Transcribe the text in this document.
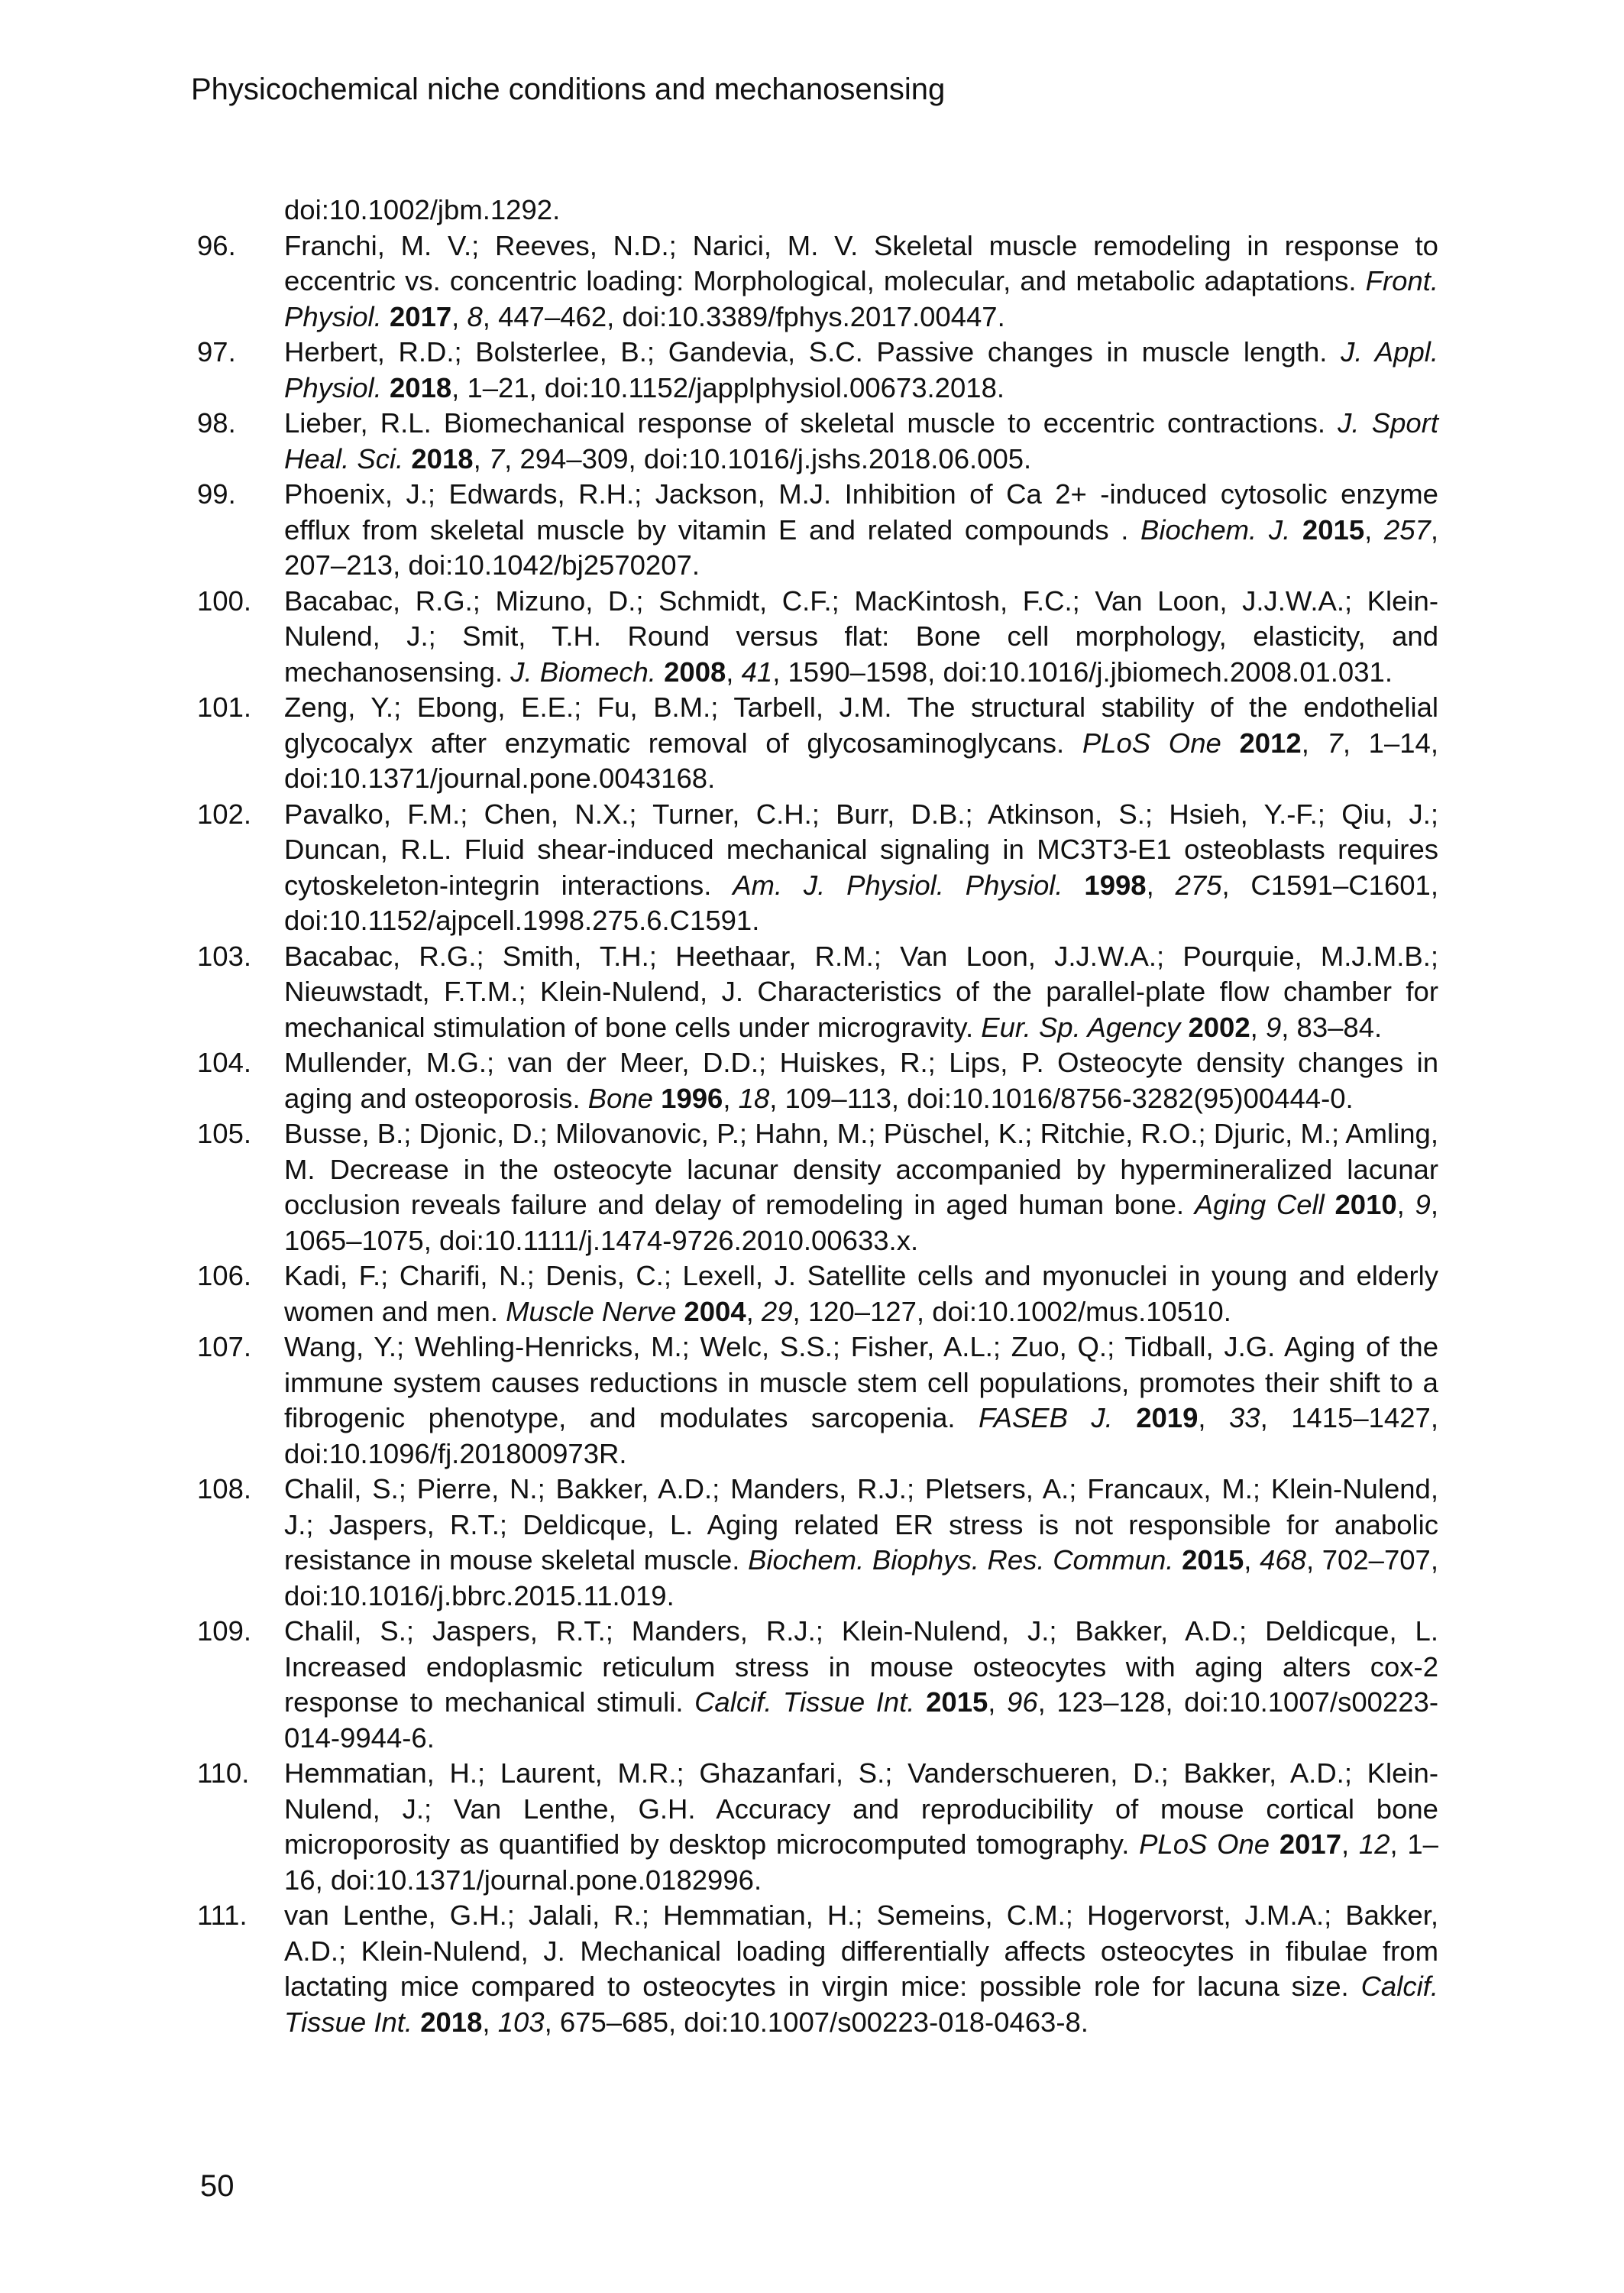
Physicochemical niche conditions and mechanosensing
doi:10.1002/jbm.1292.
96.	Franchi, M. V.; Reeves, N.D.; Narici, M. V. Skeletal muscle remodeling in response to eccentric vs. concentric loading: Morphological, molecular, and metabolic adaptations. Front. Physiol. 2017, 8, 447–462, doi:10.3389/fphys.2017.00447.
97.	Herbert, R.D.; Bolsterlee, B.; Gandevia, S.C. Passive changes in muscle length. J. Appl. Physiol. 2018, 1–21, doi:10.1152/japplphysiol.00673.2018.
98.	Lieber, R.L. Biomechanical response of skeletal muscle to eccentric contractions. J. Sport Heal. Sci. 2018, 7, 294–309, doi:10.1016/j.jshs.2018.06.005.
99.	Phoenix, J.; Edwards, R.H.; Jackson, M.J. Inhibition of Ca 2+ -induced cytosolic enzyme efflux from skeletal muscle by vitamin E and related compounds . Biochem. J. 2015, 257, 207–213, doi:10.1042/bj2570207.
100.	Bacabac, R.G.; Mizuno, D.; Schmidt, C.F.; MacKintosh, F.C.; Van Loon, J.J.W.A.; Klein-Nulend, J.; Smit, T.H. Round versus flat: Bone cell morphology, elasticity, and mechanosensing. J. Biomech. 2008, 41, 1590–1598, doi:10.1016/j.jbiomech.2008.01.031.
101.	Zeng, Y.; Ebong, E.E.; Fu, B.M.; Tarbell, J.M. The structural stability of the endothelial glycocalyx after enzymatic removal of glycosaminoglycans. PLoS One 2012, 7, 1–14, doi:10.1371/journal.pone.0043168.
102.	Pavalko, F.M.; Chen, N.X.; Turner, C.H.; Burr, D.B.; Atkinson, S.; Hsieh, Y.-F.; Qiu, J.; Duncan, R.L. Fluid shear-induced mechanical signaling in MC3T3-E1 osteoblasts requires cytoskeleton-integrin interactions. Am. J. Physiol. Physiol. 1998, 275, C1591–C1601, doi:10.1152/ajpcell.1998.275.6.C1591.
103.	Bacabac, R.G.; Smith, T.H.; Heethaar, R.M.; Van Loon, J.J.W.A.; Pourquie, M.J.M.B.; Nieuwstadt, F.T.M.; Klein-Nulend, J. Characteristics of the parallel-plate flow chamber for mechanical stimulation of bone cells under microgravity. Eur. Sp. Agency 2002, 9, 83–84.
104.	Mullender, M.G.; van der Meer, D.D.; Huiskes, R.; Lips, P. Osteocyte density changes in aging and osteoporosis. Bone 1996, 18, 109–113, doi:10.1016/8756-3282(95)00444-0.
105.	Busse, B.; Djonic, D.; Milovanovic, P.; Hahn, M.; Püschel, K.; Ritchie, R.O.; Djuric, M.; Amling, M. Decrease in the osteocyte lacunar density accompanied by hypermineralized lacunar occlusion reveals failure and delay of remodeling in aged human bone. Aging Cell 2010, 9, 1065–1075, doi:10.1111/j.1474-9726.2010.00633.x.
106.	Kadi, F.; Charifi, N.; Denis, C.; Lexell, J. Satellite cells and myonuclei in young and elderly women and men. Muscle Nerve 2004, 29, 120–127, doi:10.1002/mus.10510.
107.	Wang, Y.; Wehling-Henricks, M.; Welc, S.S.; Fisher, A.L.; Zuo, Q.; Tidball, J.G. Aging of the immune system causes reductions in muscle stem cell populations, promotes their shift to a fibrogenic phenotype, and modulates sarcopenia. FASEB J. 2019, 33, 1415–1427, doi:10.1096/fj.201800973R.
108.	Chalil, S.; Pierre, N.; Bakker, A.D.; Manders, R.J.; Pletsers, A.; Francaux, M.; Klein-Nulend, J.; Jaspers, R.T.; Deldicque, L. Aging related ER stress is not responsible for anabolic resistance in mouse skeletal muscle. Biochem. Biophys. Res. Commun. 2015, 468, 702–707, doi:10.1016/j.bbrc.2015.11.019.
109.	Chalil, S.; Jaspers, R.T.; Manders, R.J.; Klein-Nulend, J.; Bakker, A.D.; Deldicque, L. Increased endoplasmic reticulum stress in mouse osteocytes with aging alters cox-2 response to mechanical stimuli. Calcif. Tissue Int. 2015, 96, 123–128, doi:10.1007/s00223-014-9944-6.
110.	Hemmatian, H.; Laurent, M.R.; Ghazanfari, S.; Vanderschueren, D.; Bakker, A.D.; Klein-Nulend, J.; Van Lenthe, G.H. Accuracy and reproducibility of mouse cortical bone microporosity as quantified by desktop microcomputed tomography. PLoS One 2017, 12, 1–16, doi:10.1371/journal.pone.0182996.
111.	van Lenthe, G.H.; Jalali, R.; Hemmatian, H.; Semeins, C.M.; Hogervorst, J.M.A.; Bakker, A.D.; Klein-Nulend, J. Mechanical loading differentially affects osteocytes in fibulae from lactating mice compared to osteocytes in virgin mice: possible role for lacuna size. Calcif. Tissue Int. 2018, 103, 675–685, doi:10.1007/s00223-018-0463-8.
50
